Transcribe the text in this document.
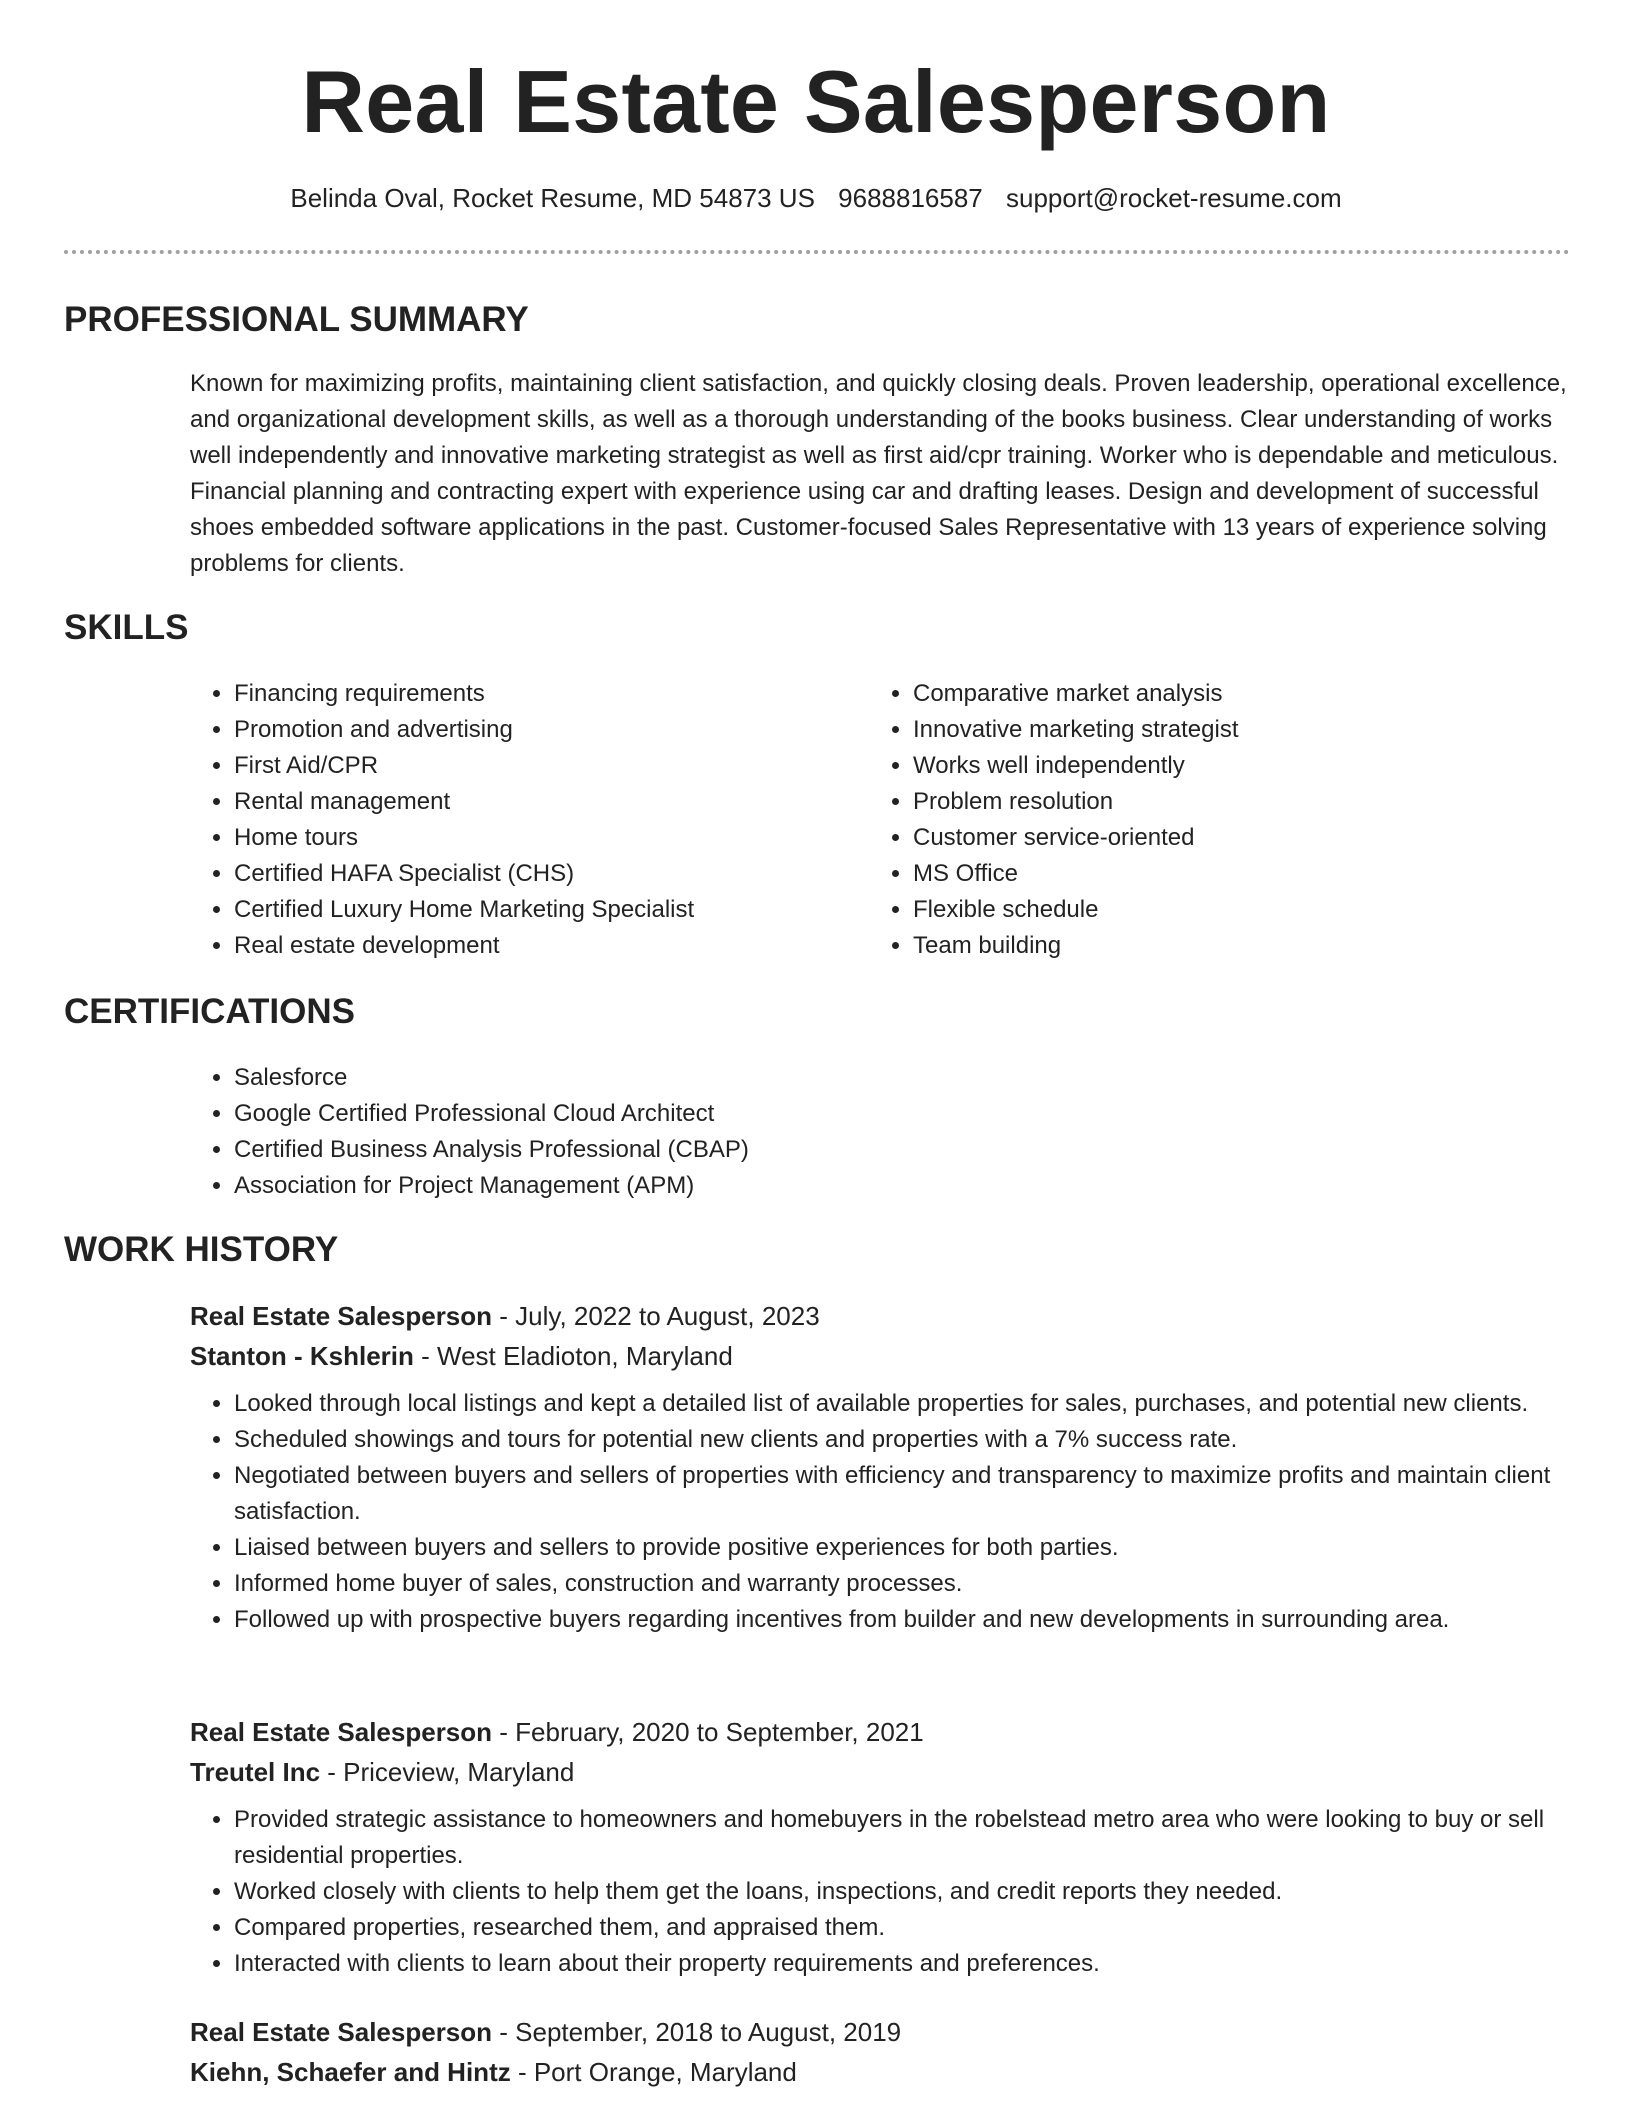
Real Estate Salesperson
Belinda Oval, Rocket Resume, MD 54873 US 9688816587 support@rocket-resume.com
PROFESSIONAL SUMMARY

Known for maximizing profits, maintaining client satisfaction, and quickly closing deals. Proven leadership, operational excellence, and organizational development skills, as well as a thorough understanding of the books business. Clear understanding of works well independently and innovative marketing strategist as well as first aid/cpr training. Worker who is dependable and meticulous. Financial planning and contracting expert with experience using car and drafting leases. Design and development of successful shoes embedded software applications in the past. Customer-focused Sales Representative with 13 years of experience solving problems for clients.

SKILLS
• Financing requirements
• Promotion and advertising
• First Aid/CPR
• Rental management
• Home tours
• Certified HAFA Specialist (CHS)
• Certified Luxury Home Marketing Specialist
• Real estate development
• Comparative market analysis
• Innovative marketing strategist
• Works well independently
• Problem resolution
• Customer service-oriented
• MS Office
• Flexible schedule
• Team building
CERTIFICATIONS
• Salesforce
• Google Certified Professional Cloud Architect
• Certified Business Analysis Professional (CBAP)
• Association for Project Management (APM)
WORK HISTORY
Real Estate Salesperson - July, 2022 to August, 2023
Stanton - Kshlerin - West Eladioton, Maryland
• Looked through local listings and kept a detailed list of available properties for sales, purchases, and potential new clients.
• Scheduled showings and tours for potential new clients and properties with a 7% success rate.
• Negotiated between buyers and sellers of properties with efficiency and transparency to maximize profits and maintain client satisfaction.
• Liaised between buyers and sellers to provide positive experiences for both parties.
• Informed home buyer of sales, construction and warranty processes.
• Followed up with prospective buyers regarding incentives from builder and new developments in surrounding area.
Real Estate Salesperson - February, 2020 to September, 2021
Treutel Inc - Priceview, Maryland
• Provided strategic assistance to homeowners and homebuyers in the robelstead metro area who were looking to buy or sell residential properties.
• Worked closely with clients to help them get the loans, inspections, and credit reports they needed.
• Compared properties, researched them, and appraised them.
• Interacted with clients to learn about their property requirements and preferences.
Real Estate Salesperson - September, 2018 to August, 2019
Kiehn, Schaefer and Hintz - Port Orange, Maryland
